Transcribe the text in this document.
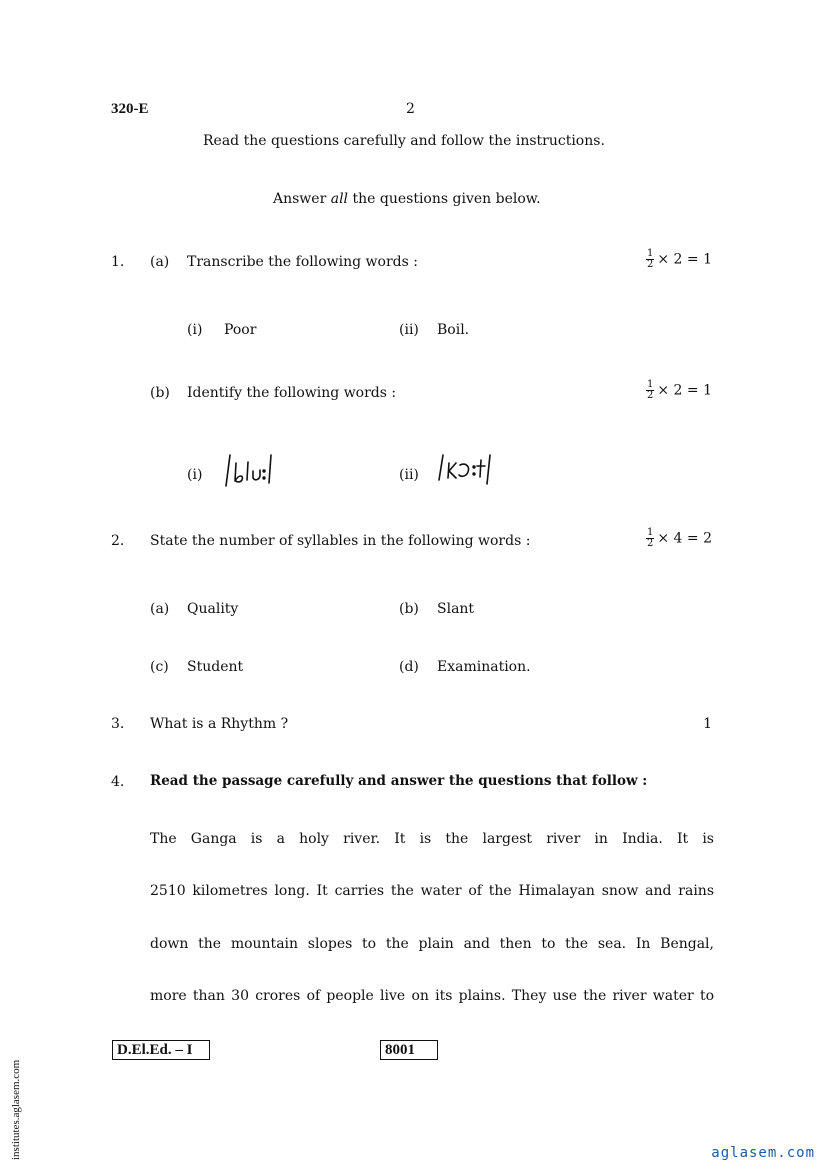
320-E	2
Read the questions carefully and follow the instructions.
Answer all the questions given below.
1. (a) Transcribe the following words :	$\frac{1}{2} \times 2 = 1$
(i) Poor	(ii) Boil.
(b) Identify the following words :	$\frac{1}{2} \times 2 = 1$
(i)	(ii)
2. State the number of syllables in the following words :	$\frac{1}{2} \times 4 = 2$
(a) Quality	(b) Slant
(c) Student	(d) Examination.
3. What is a Rhythm ?	1
4. Read the passage carefully and answer the questions that follow :
The Ganga is a holy river. It is the largest river in India. It is
2510 kilometres long. It carries the water of the Himalayan snow and rains
down the mountain slopes to the plain and then to the sea. In Bengal,
more than 30 crores of people live on its plains. They use the river water to
D.El.Ed. – I	8001
institutes.aglasem.com	aglasem.com
